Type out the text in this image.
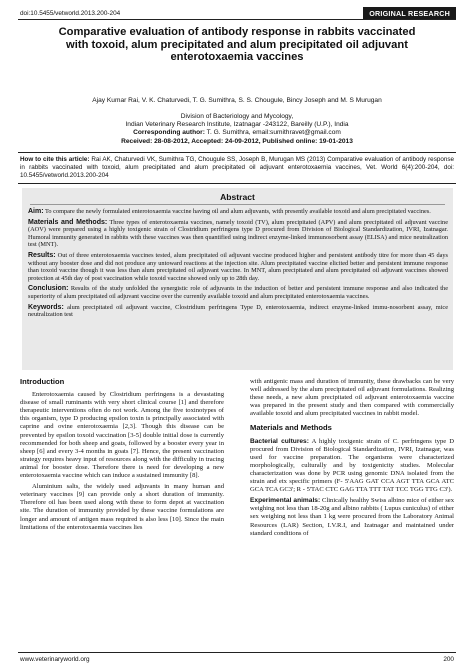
doi:10.5455/vetworld.2013.200-204	ORIGINAL RESEARCH
Comparative evaluation of antibody response in rabbits vaccinated
with toxoid, alum precipitated and alum precipitated oil adjuvant
enterotoxaemia vaccines
Ajay Kumar Rai, V. K. Chaturvedi, T. G. Sumithra, S. S. Chougule, Bincy Joseph and M. S Murugan
Division of Bacteriology and Mycology,
Indian Veterinary Research Institute, Izatnagar -243122, Bareilly (U.P.), India
Corresponding author: T. G. Sumithra, email:sumithravet@gmail.com
Received: 28-08-2012, Accepted: 24-09-2012, Published online: 19-01-2013
How to cite this article: Rai AK, Chaturvedi VK, Sumithra TG, Chougule SS, Joseph B, Murugan MS (2013) Comparative evaluation of antibody response in rabbits vaccinated with toxoid, alum precipitated and alum precipitated oil adjuvant enterotoxaemia vaccines, Vet. World 6(4):200-204, doi: 10.5455/vetworld.2013.200-204
Abstract

Aim: To compare the newly formulated enterotoxaemia vaccine having oil and alum adjuvants, with presently available toxoid and alum precipitated vaccines.

Materials and Methods: Three types of enterotoxaemia vaccines, namely toxoid (TV), alum precipitated (APV) and alum precipitated oil adjuvant vaccine (AOV) were prepared using a highly toxigenic strain of Clostridium perfringens type D procured from Division of Biological Standardization, IVRI, Izatnagar. Humoral immunity generated in rabbits with these vaccines was then quantified using indirect enzyme-linked immunosorbent assay (ELISA) and mice neutralization test (MNT).

Results: Out of three enterotoxaemia vaccines tested, alum precipitated oil adjuvant vaccine produced higher and persistent antibody titre for more than 45 days without any booster dose and did not produce any untoward reactions at the injection site. Alum precipitated vaccine elicited better and persistent immune response than toxoid vaccine though it was less than alum precipitated oil adjuvant vaccine. In MNT, alum precipitated and alum precipitated oil adjuvant vaccines showed protection at 45th day of post vaccination while toxoid vaccine showed only up to 28th day.

Conclusion: Results of the study unfolded the synergistic role of adjuvants in the induction of better and persistent immune response and also indicated the superiority of alum precipitated oil adjuvant vaccine over the currently available toxoid and alum precipitated enterotoxaemia vaccines.

Keywords: alum precipitated oil adjuvant vaccine, Clostridium perfringens Type D, enterotoxaemia, indirect enzyme-linked immu-nosorbent assay, mice neutralization test

Introduction

Enterotoxaemia caused by Clostridium perfringens is a devastating disease of small ruminants with very short clinical course [1] and therefore therapeutic interventions often do not work. Among the five toxinotypes of this organism, type D producing epsilon toxin is principally associated with caprine and ovine enterotoxaemia [2,3]. Though this disease can be prevented by epsilon toxoid vaccination [3-5] double initial dose is currently recommended for both sheep and goats, followed by a booster every year in sheep [6] and every 3-4 months in goats [7]. Hence, the present vaccination strategy requires heavy input of resources along with the difficulty in tracing animal for booster dose. Therefore there is need for developing a new enterotoxaemia vaccine which can induce a sustained immunity [8].

Aluminium salts, the widely used adjuvants in many human and veterinary vaccines [9] can provide only a short duration of immunity. Therefore oil has been used along with these to form depot at vaccination site. The duration of immunity provided by these vaccine formulations are longer and amount of antigen mass required is also less [10]. Since the main limitations of the enterotoxaemia vaccines lies

with antigenic mass and duration of immunity, these drawbacks can be very well addressed by the alum precipitated oil adjuvant formulations. Realizing these needs, a new alum precipitated oil adjuvant enterotoxaemia vaccine was prepared in the present study and then compared with commercially available toxoid and alum precipitated vaccines in rabbit model.

Materials and Methods

Bacterial cultures: A highly toxigenic strain of C. perfringens type D procured from Division of Biological Standardization, IVRI, Izatnagar, was used for vaccine preparation. The organisms were characterized morphologically, culturally and by toxigenicity studies. Molecular characterization was done by PCR using genomic DNA isolated from the strain and etx specific primers (F- 5'AAG GAT CCA AGT TTA GCA ATC GCA TCA GC3'; R - 5'TAC CTC GAG TTA TTT TAT TCC TGG TTG C3').

Experimental animals: Clinically healthy Swiss albino mice of either sex weighing not less than 18-20g and albino rabbits ( Lupus cuniculus) of either sex weighing not less than 1 kg were procured from the Laboratory Animal Resources (LAR) Section, I.V.R.I, and Izatnagar and maintained under standard conditions of

www.veterinaryworld.org	200
